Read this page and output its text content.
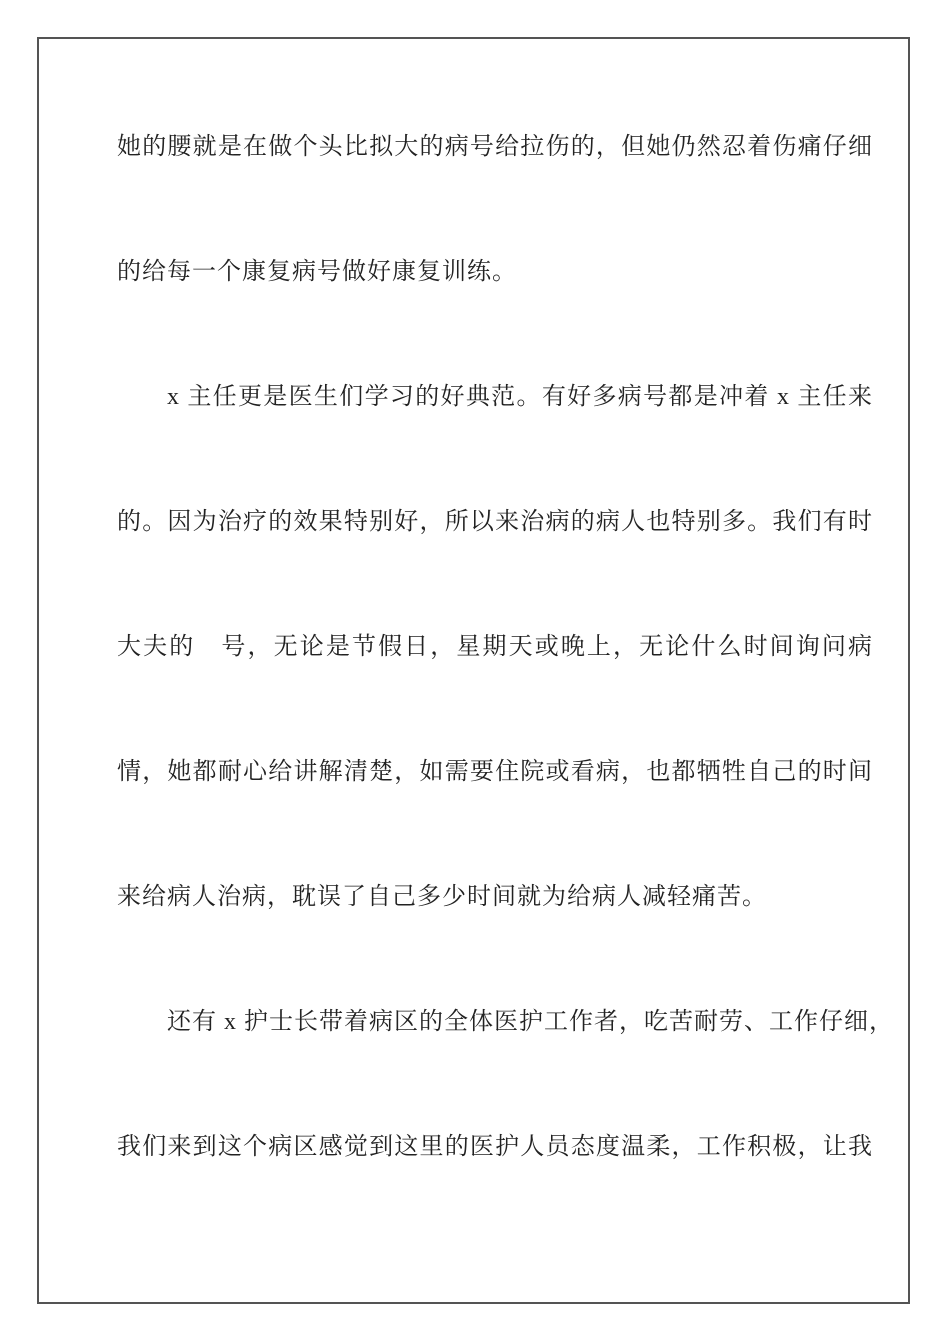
她的腰就是在做个头比拟大的病号给拉伤的，但她仍然忍着伤痛仔细
的给每一个康复病号做好康复训练。
x 主任更是医生们学习的好典范。有好多病号都是冲着 x 主任来
的。因为治疗的效果特别好，所以来治病的病人也特别多。我们有时
大夫的　号，无论是节假日，星期天或晚上，无论什么时间询问病
情，她都耐心给讲解清楚，如需要住院或看病，也都牺牲自己的时间
来给病人治病，耽误了自己多少时间就为给病人减轻痛苦。
还有 x 护士长带着病区的全体医护工作者，吃苦耐劳、工作仔细，
我们来到这个病区感觉到这里的医护人员态度温柔，工作积极，让我
